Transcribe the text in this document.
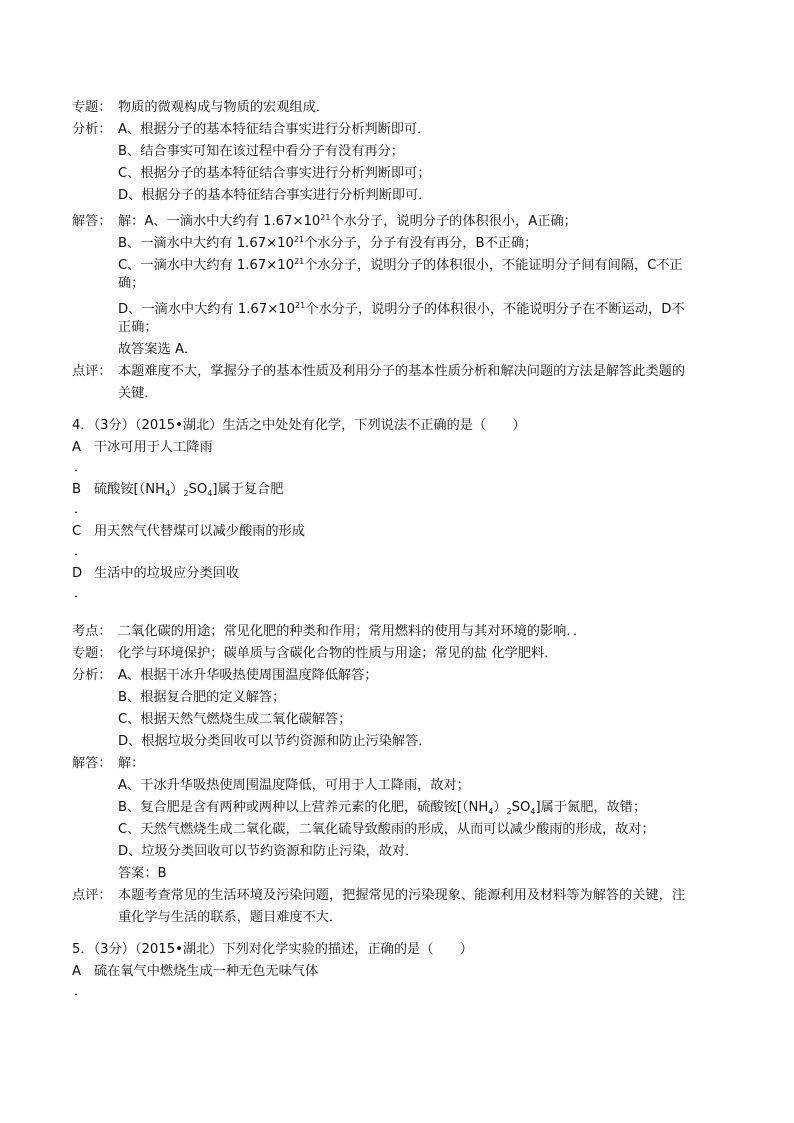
专题： 物质的微观构成与物质的宏观组成．
分析： A、根据分子的基本特征结合事实进行分析判断即可．
B、结合事实可知在该过程中看分子有没有再分；
C、根据分子的基本特征结合事实进行分析判断即可；
D、根据分子的基本特征结合事实进行分析判断即可．
解答： 解：A、一滴水中大约有 $1.67\times 10^{21}$个水分子，说明分子的体积很小，A正确；
B、一滴水中大约有 $1.67\times 10^{21}$个水分子，分子有没有再分，B不正确；
C、一滴水中大约有 $1.67\times 10^{21}$个水分子，说明分子的体积很小，不能证明分子间有间隔，C不正
确；
D、一滴水中大约有 $1.67\times 10^{21}$个水分子，说明分子的体积很小，不能说明分子在不断运动，D不
正确；
故答案选 A．
点评： 本题难度不大，掌握分子的基本性质及利用分子的基本性质分析和解决问题的方法是解答此类题的
关键．
4．（3分）（2015•湖北）生活之中处处有化学，下列说法不正确的是（　　）
A 干冰可用于人工降雨
．
B 硫酸铵$[(NH_4)_2SO_4]$属于复合肥
．
C 用天然气代替煤可以减少酸雨的形成
．
D 生活中的垃圾应分类回收
．
考点： 二氧化碳的用途；常见化肥的种类和作用；常用燃料的使用与其对环境的影响．．
专题： 化学与环境保护；碳单质与含碳化合物的性质与用途；常见的盐 化学肥料．
分析： A、根据干冰升华吸热使周围温度降低解答；
B、根据复合肥的定义解答；
C、根据天然气燃烧生成二氧化碳解答；
D、根据垃圾分类回收可以节约资源和防止污染解答．
解答： 解：
A、干冰升华吸热使周围温度降低，可用于人工降雨，故对；
B、复合肥是含有两种或两种以上营养元素的化肥，硫酸铵$[(NH_4)_2SO_4]$属于氮肥，故错；
C、天然气燃烧生成二氧化碳，二氧化硫导致酸雨的形成，从而可以减少酸雨的形成，故对；
D、垃圾分类回收可以节约资源和防止污染，故对．
答案：B
点评： 本题考查常见的生活环境及污染问题，把握常见的污染现象、能源利用及材料等为解答的关键，注
重化学与生活的联系，题目难度不大．
5．（3分）（2015•湖北）下列对化学实验的描述，正确的是（　　）
A 硫在氧气中燃烧生成一种无色无味气体
．
